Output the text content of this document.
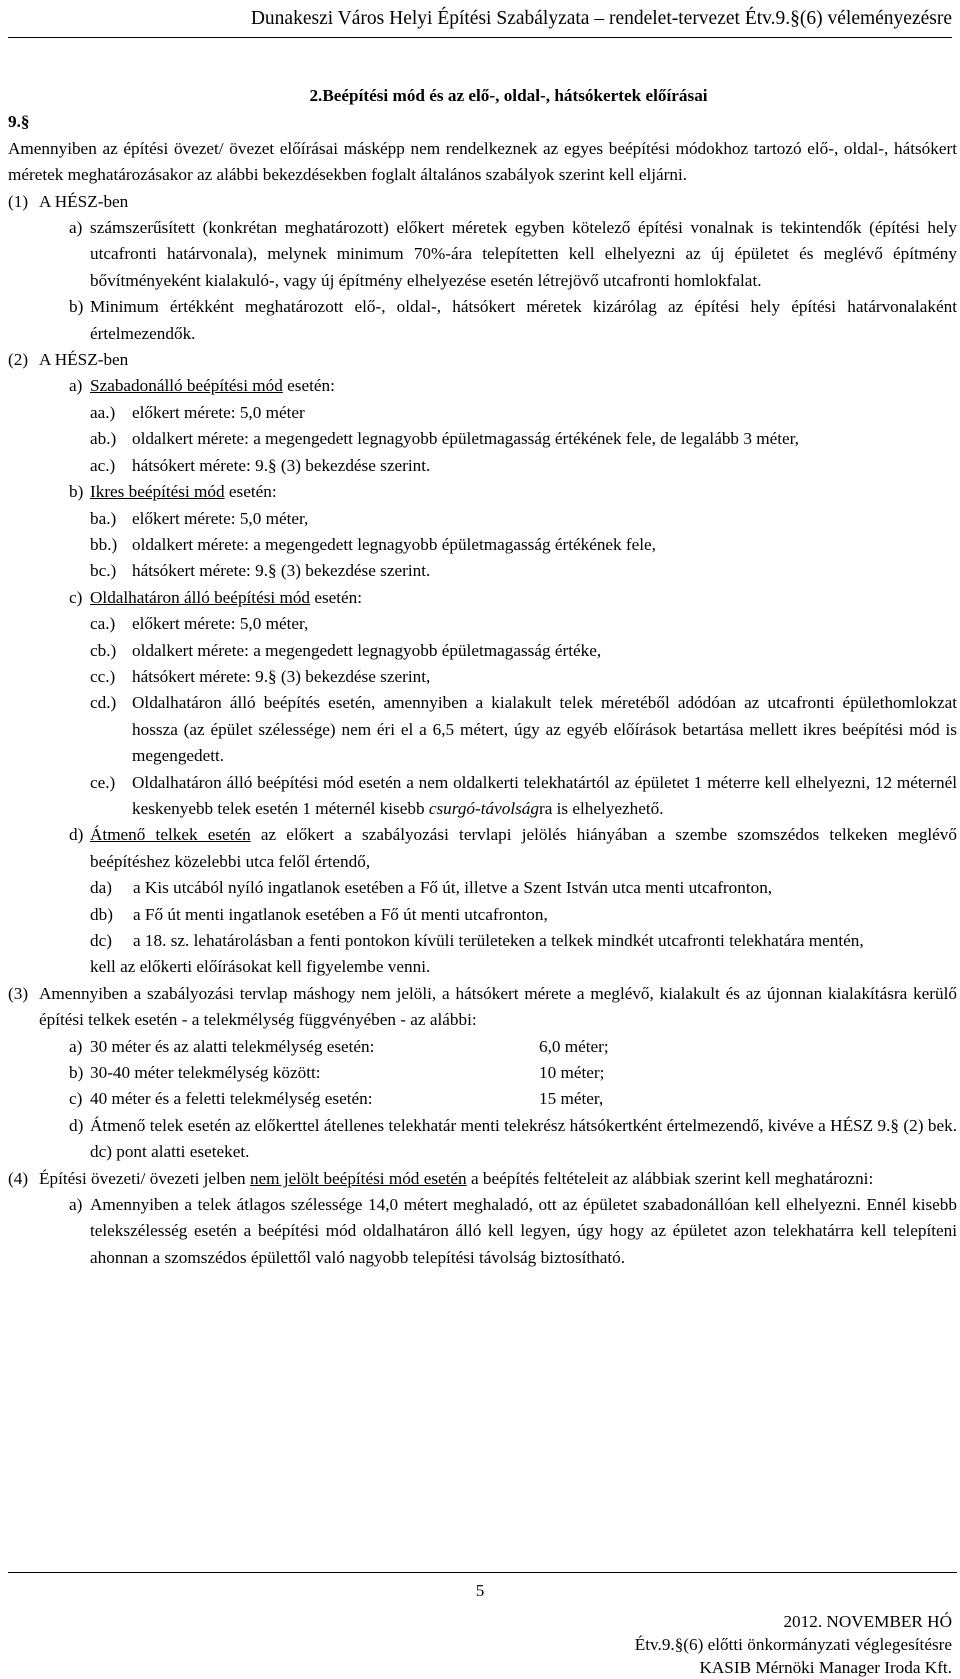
Dunakeszi Város Helyi Építési Szabályzata – rendelet-tervezet Étv.9.§(6) véleményezésre

2.Beépítési mód és az elő-, oldal-, hátsókertek előírásai

9.§

Amennyiben az építési övezet/ övezet előírásai másképp nem rendelkeznek az egyes beépítési módokhoz tartozó elő-, oldal-, hátsókert méretek meghatározásakor az alábbi bekezdésekben foglalt általános szabályok szerint kell eljárni.

(1) A HÉSZ-ben
a) számszerűsített (konkrétan meghatározott) előkert méretek egyben kötelező építési vonalnak is tekintendők (építési hely utcafronti határvonala), melynek minimum 70%-ára telepítetten kell elhelyezni az új épületet és meglévő építmény bővítményeként kialakuló-, vagy új építmény elhelyezése esetén létrejövő utcafronti homlokfalat.
b) Minimum értékként meghatározott elő-, oldal-, hátsókert méretek kizárólag az építési hely építési határvonalaként értelmezendők.
(2) A HÉSZ-ben
a) Szabadonálló beépítési mód esetén:
aa.) előkert mérete: 5,0 méter
ab.) oldalkert mérete: a megengedett legnagyobb épületmagasság értékének fele, de legalább 3 méter,
ac.) hátsókert mérete: 9.§ (3) bekezdése szerint.
b) Ikres beépítési mód esetén:
ba.) előkert mérete: 5,0 méter,
bb.) oldalkert mérete: a megengedett legnagyobb épületmagasság értékének fele,
bc.) hátsókert mérete: 9.§ (3) bekezdése szerint.
c) Oldalhatáron álló beépítési mód esetén:
ca.) előkert mérete: 5,0 méter,
cb.) oldalkert mérete: a megengedett legnagyobb épületmagasság értéke,
cc.) hátsókert mérete: 9.§ (3) bekezdése szerint,
cd.) Oldalhatáron álló beépítés esetén, amennyiben a kialakult telek méretéből adódóan az utcafronti épülethomlokzat hossza (az épület szélessége) nem éri el a 6,5 métert, úgy az egyéb előírások betartása mellett ikres beépítési mód is megengedett.
ce.) Oldalhatáron álló beépítési mód esetén a nem oldalkerti telekhatártól az épületet 1 méterre kell elhelyezni, 12 méternél keskenyebb telek esetén 1 méternél kisebb csurgó-távolságra is elhelyezhető.
d) Átmenő telkek esetén az előkert a szabályozási tervlapi jelölés hiányában a szembe szomszédos telkeken meglévő beépítéshez közelebbi utca felől értendő,
da)	a Kis utcából nyíló ingatlanok esetében a Fő út, illetve a Szent István utca menti utcafronton,
db)	a Fő út menti ingatlanok esetében a Fő út menti utcafronton,
dc)	a 18. sz. lehatárolásban a fenti pontokon kívüli területeken a telkek mindkét utcafronti telekhatára mentén,

kell az előkerti előírásokat kell figyelembe venni.

(3) Amennyiben a szabályozási tervlap máshogy nem jelöli, a hátsókert mérete a meglévő, kialakult és az újonnan kialakításra kerülő építési telkek esetén - a telekmélység függvényében - az alábbi:
a) 30 méter és az alatti telekmélység esetén:	6,0 méter;
b) 30-40 méter telekmélység között:	10 méter;
c) 40 méter és a feletti telekmélység esetén:	15 méter,
d) Átmenő telek esetén az előkerttel átellenes telekhatár menti telekrész hátsókertként értelmezendő, kivéve a HÉSZ 9.§ (2) bek. dc) pont alatti eseteket.
(4) Építési övezeti/ övezeti jelben nem jelölt beépítési mód esetén a beépítés feltételeit az alábbiak szerint kell meghatározni:
a) Amennyiben a telek átlagos szélessége 14,0 métert meghaladó, ott az épületet szabadonállóan kell elhelyezni. Ennél kisebb telekszélesség esetén a beépítési mód oldalhatáron álló kell legyen, úgy hogy az épületet azon telekhatárra kell telepíteni ahonnan a szomszédos épülettől való nagyobb telepítési távolság biztosítható.
5
2012. NOVEMBER HÓ
Étv.9.§(6) előtti önkormányzati véglegesítésre
KASIB Mérnöki Manager Iroda Kft.
